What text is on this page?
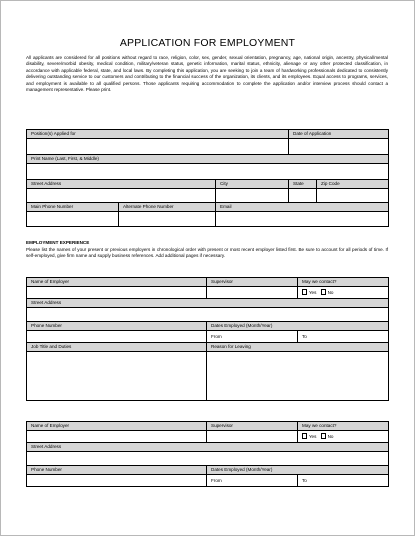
APPLICATION FOR EMPLOYMENT
All applicants are considered for all positions without regard to race, religion, color, sex, gender, sexual orientation, pregnancy, age, national origin, ancestry, physical/mental disability, severe/morbid obesity, medical condition, military/veteran status, genetic information, marital status, ethnicity, alienage or any other protected classification, in accordance with applicable federal, state, and local laws. By completing this application, you are seeking to join a team of hardworking professionals dedicated to consistently delivering outstanding service to our customers and contributing to the financial success of the organization, its clients, and its employees. Equal access to programs, services, and employment is available to all qualified persons. Those applicants requiring accommodation to complete the application and/or interview process should contact a management representative. Please print.
Position(s) Applied for			Date of Application	

Print Name (Last, First, & Middle)				

Street Address		City	State	Zip Code

Main Phone Number	Alternate Phone Number	Email		

EMPLOYMENT EXPERIENCE
Please list the names of your present or previous employers in chronological order with present or most recent employer listed first. Be sure to account for all periods of time. If self-employed, give firm name and supply business references. Add additional pages if necessary.
Name of Employer	Supervisor	May we contact?
		Yes No
Street Address		

Phone Number	Dates Employed (Month/Year)	
	From	To
Job Title and Duties	Reason for Leaving	

Name of Employer	Supervisor	May we contact?
		Yes No
Street Address		

Phone Number	Dates Employed (Month/Year)	
	From	To
